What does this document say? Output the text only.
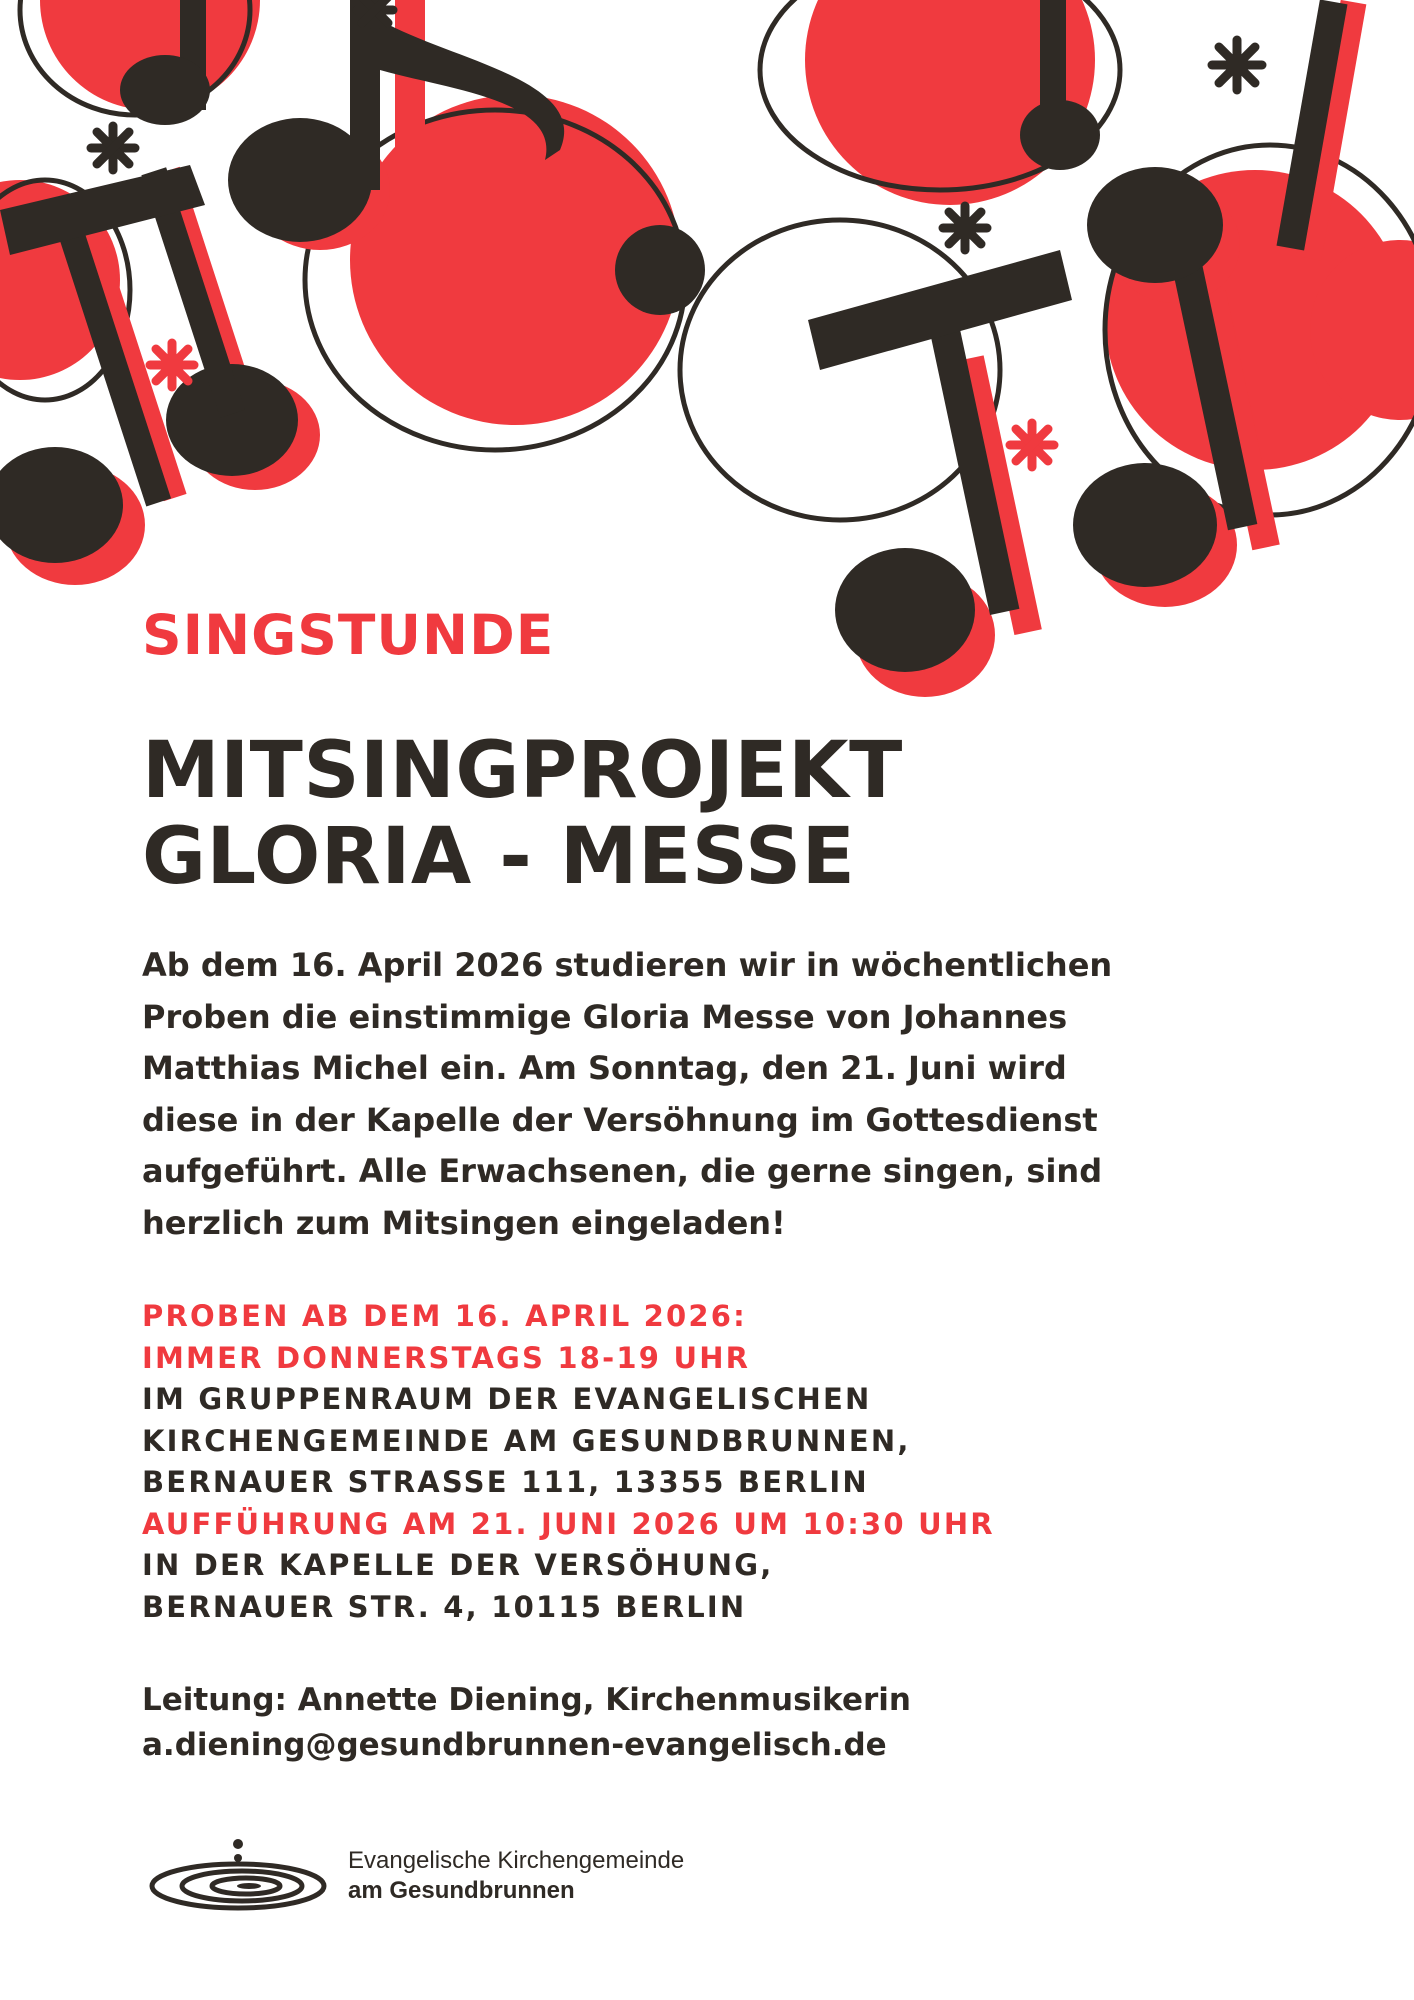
SINGSTUNDE
MITSINGPROJEKT
GLORIA - MESSE

Ab dem 16. April 2026 studieren wir in wöchentlichen
Proben die einstimmige Gloria Messe von Johannes
Matthias Michel ein. Am Sonntag, den 21. Juni wird
diese in der Kapelle der Versöhnung im Gottesdienst
aufgeführt. Alle Erwachsenen, die gerne singen, sind
herzlich zum Mitsingen eingeladen!

PROBEN AB DEM 16. APRIL 2026:
IMMER DONNERSTAGS 18-19 UHR
IM GRUPPENRAUM DER EVANGELISCHEN
KIRCHENGEMEINDE AM GESUNDBRUNNEN,
BERNAUER STRASSE 111, 13355 BERLIN
AUFFÜHRUNG AM 21. JUNI 2026 UM 10:30 UHR
IN DER KAPELLE DER VERSÖHUNG,
BERNAUER STR. 4, 10115 BERLIN
Leitung: Annette Diening, Kirchenmusikerin
a.diening@gesundbrunnen-evangelisch.de
Evangelische Kirchengemeinde
am Gesundbrunnen
